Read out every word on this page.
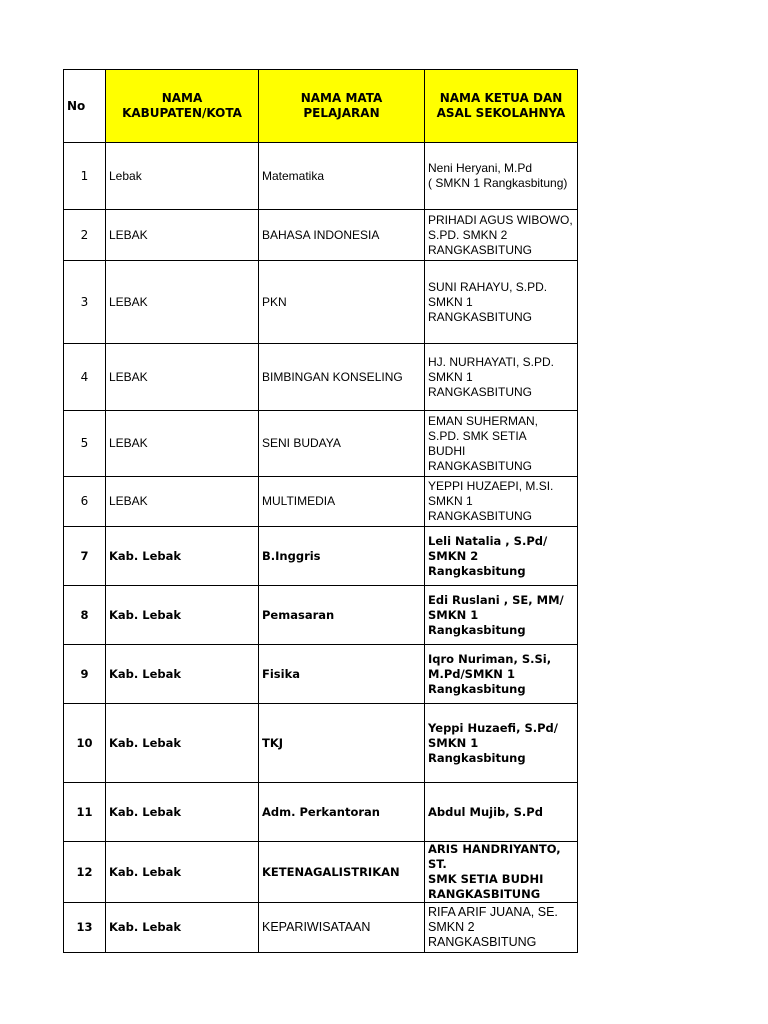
No	NAMA KABUPATEN/KOTA	NAMA MATA PELAJARAN	NAMA KETUA DAN ASAL SEKOLAHNYA
1	Lebak	Matematika	Neni Heryani, M.Pd
( SMKN 1 Rangkasbitung)
2	LEBAK	BAHASA INDONESIA	PRIHADI AGUS WIBOWO, S.PD. SMKN 2 RANGKASBITUNG
3	LEBAK	PKN	SUNI RAHAYU, S.PD.
SMKN 1
RANGKASBITUNG
4	LEBAK	BIMBINGAN KONSELING	HJ. NURHAYATI, S.PD.
SMKN 1
RANGKASBITUNG
5	LEBAK	SENI BUDAYA	EMAN SUHERMAN,
S.PD. SMK SETIA
BUDHI
RANGKASBITUNG
6	LEBAK	MULTIMEDIA	YEPPI HUZAEPI, M.SI.
SMKN 1
RANGKASBITUNG
7	Kab. Lebak	B.Inggris	Leli Natalia , S.Pd/ SMKN 2 Rangkasbitung
8	Kab. Lebak	Pemasaran	Edi Ruslani , SE, MM/
SMKN 1 Rangkasbitung
9	Kab. Lebak	Fisika	Iqro Nuriman, S.Si,
M.Pd/SMKN 1
Rangkasbitung
10	Kab. Lebak	TKJ	Yeppi Huzaefi, S.Pd/ SMKN 1 Rangkasbitung
11	Kab. Lebak	Adm. Perkantoran	Abdul Mujib, S.Pd
12	Kab. Lebak	KETENAGALISTRIKAN	ARIS HANDRIYANTO, ST.
SMK SETIA BUDHI
RANGKASBITUNG
13	Kab. Lebak	KEPARIWISATAAN	RIFA ARIF JUANA, SE.
SMKN 2
RANGKASBITUNG
